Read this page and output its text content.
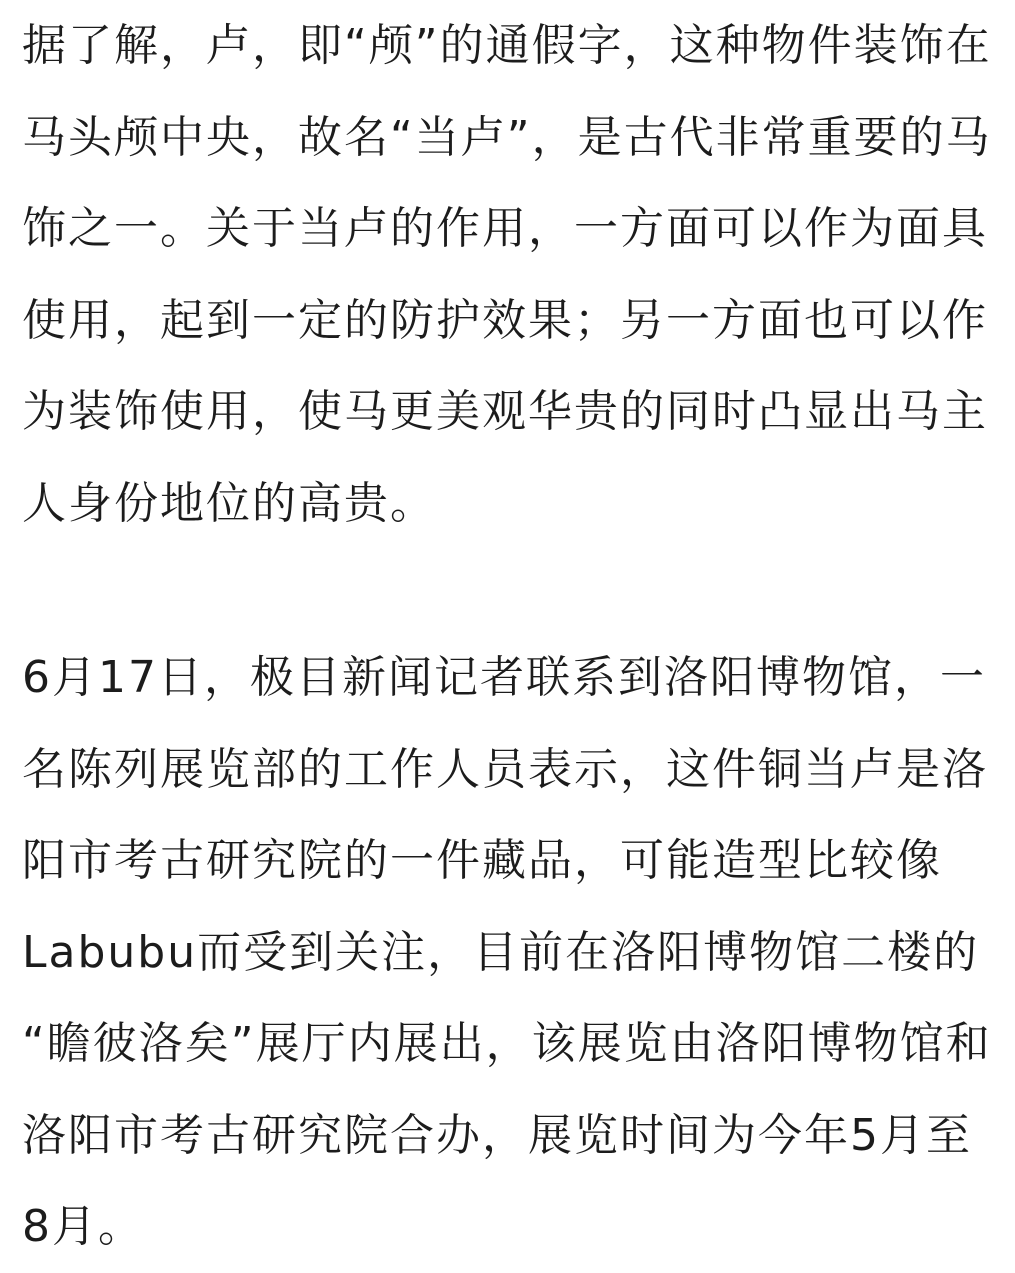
据了解，卢，即“颅”的通假字，这种物件装饰在
马头颅中央，故名“当卢”，是古代非常重要的马
饰之一。关于当卢的作用，一方面可以作为面具
使用，起到一定的防护效果；另一方面也可以作
为装饰使用，使马更美观华贵的同时凸显出马主
人身份地位的高贵。
6月17日，极目新闻记者联系到洛阳博物馆，一
名陈列展览部的工作人员表示，这件铜当卢是洛
阳市考古研究院的一件藏品，可能造型比较像
Labubu而受到关注，目前在洛阳博物馆二楼的
“瞻彼洛矣”展厅内展出，该展览由洛阳博物馆和
洛阳市考古研究院合办，展览时间为今年5月至
8月。
